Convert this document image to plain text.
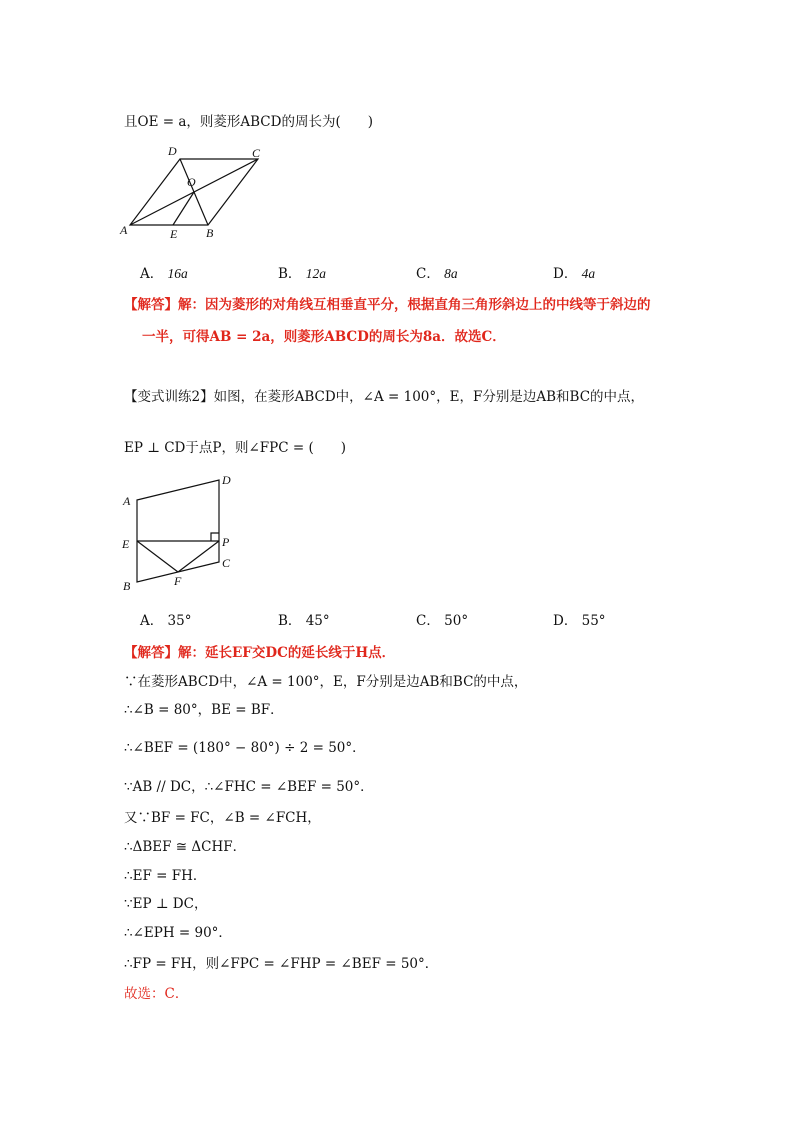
且OE = a，则菱形ABCD的周长为(　　)
A	B
C
D
E
O
A． 16a	B． 12a	C． 8a	D． 4a
【解答】解：因为菱形的对角线互相垂直平分，根据直角三角形斜边上的中线等于斜边的
一半，可得AB = 2a，则菱形ABCD的周长为8a．故选C．
【变式训练2】如图，在菱形ABCD中，∠A = 100°，E，F分别是边AB和BC的中点，
EP ⊥ CD于点P，则∠FPC = (　　)
A
B
C
D
E
F
P
A． 35°	B． 45°	C． 50°	D． 55°
【解答】解：延长EF交DC的延长线于H点．
∵在菱形ABCD中，∠A = 100°，E，F分别是边AB和BC的中点，
∴∠B = 80°，BE = BF．
∴∠BEF = (180° − 80°) ÷ 2 = 50°．
∵AB // DC，∴∠FHC = ∠BEF = 50°．
又∵BF = FC，∠B = ∠FCH，
∴ΔBEF ≅ ΔCHF．
∴EF = FH．
∵EP ⊥ DC，
∴∠EPH = 90°．
∴FP = FH，则∠FPC = ∠FHP = ∠BEF = 50°．
故选：C．
